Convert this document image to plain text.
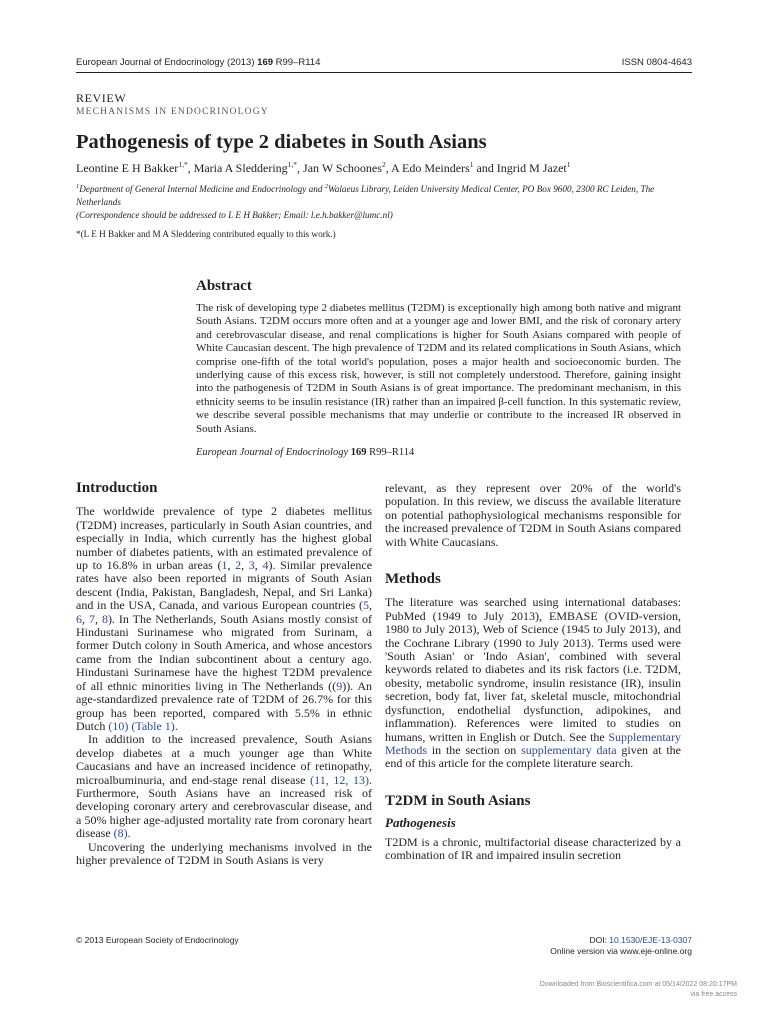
European Journal of Endocrinology (2013) 169 R99–R114	ISSN 0804-4643
REVIEW
MECHANISMS IN ENDOCRINOLOGY
Pathogenesis of type 2 diabetes in South Asians
Leontine E H Bakker$^{1,*}$, Maria A Sleddering$^{1,*}$, Jan W Schoones$^2$, A Edo Meinders$^1$ and Ingrid M Jazet$^1$
$^1$Department of General Internal Medicine and Endocrinology and $^2$Walaeus Library, Leiden University Medical Center, PO Box 9600, 2300 RC Leiden, The Netherlands
(Correspondence should be addressed to L E H Bakker; Email: l.e.h.bakker@lumc.nl)
*(L E H Bakker and M A Sleddering contributed equally to this work.)
Abstract

The risk of developing type 2 diabetes mellitus (T2DM) is exceptionally high among both native and migrant South Asians. T2DM occurs more often and at a younger age and lower BMI, and the risk of coronary artery and cerebrovascular disease, and renal complications is higher for South Asians compared with people of White Caucasian descent. The high prevalence of T2DM and its related complications in South Asians, which comprise one-fifth of the total world's population, poses a major health and socioeconomic burden. The underlying cause of this excess risk, however, is still not completely understood. Therefore, gaining insight into the pathogenesis of T2DM in South Asians is of great importance. The predominant mechanism, in this ethnicity seems to be insulin resistance (IR) rather than an impaired β-cell function. In this systematic review, we describe several possible mechanisms that may underlie or contribute to the increased IR observed in South Asians.

European Journal of Endocrinology 169 R99–R114
Introduction

The worldwide prevalence of type 2 diabetes mellitus (T2DM) increases, particularly in South Asian countries, and especially in India, which currently has the highest global number of diabetes patients, with an estimated prevalence of up to 16.8% in urban areas (1, 2, 3, 4). Similar prevalence rates have also been reported in migrants of South Asian descent (India, Pakistan, Bangladesh, Nepal, and Sri Lanka) and in the USA, Canada, and various European countries (5, 6, 7, 8). In The Netherlands, South Asians mostly consist of Hindustani Surinamese who migrated from Surinam, a former Dutch colony in South America, and whose ancestors came from the Indian subcontinent about a century ago. Hindustani Surinamese have the highest T2DM prevalence of all ethnic minorities living in The Netherlands ((9)). An age-standardized prevalence rate of T2DM of 26.7% for this group has been reported, compared with 5.5% in ethnic Dutch (10) (Table 1).

In addition to the increased prevalence, South Asians develop diabetes at a much younger age than White Caucasians and have an increased incidence of retinopathy, microalbuminuria, and end-stage renal disease (11, 12, 13). Furthermore, South Asians have an increased risk of developing coronary artery and cerebrovascular disease, and a 50% higher age-adjusted mortality rate from coronary heart disease (8).

Uncovering the underlying mechanisms involved in the higher prevalence of T2DM in South Asians is very

relevant, as they represent over 20% of the world's population. In this review, we discuss the available literature on potential pathophysiological mechanisms responsible for the increased prevalence of T2DM in South Asians compared with White Caucasians.

Methods

The literature was searched using international databases: PubMed (1949 to July 2013), EMBASE (OVID-version, 1980 to July 2013), Web of Science (1945 to July 2013), and the Cochrane Library (1990 to July 2013). Terms used were 'South Asian' or 'Indo Asian', combined with several keywords related to diabetes and its risk factors (i.e. T2DM, obesity, metabolic syndrome, insulin resistance (IR), insulin secretion, body fat, liver fat, skeletal muscle, mitochondrial dysfunction, endothelial dysfunction, adipokines, and inflammation). References were limited to studies on humans, written in English or Dutch. See the Supplementary Methods in the section on supplementary data given at the end of this article for the complete literature search.

T2DM in South Asians
Pathogenesis

T2DM is a chronic, multifactorial disease characterized by a combination of IR and impaired insulin secretion

© 2013 European Society of Endocrinology	DOI: 10.1530/EJE-13-0307
Online version via www.eje-online.org
Downloaded from Bioscientifica.com at 05/14/2022 08:20:17PM
via free access
